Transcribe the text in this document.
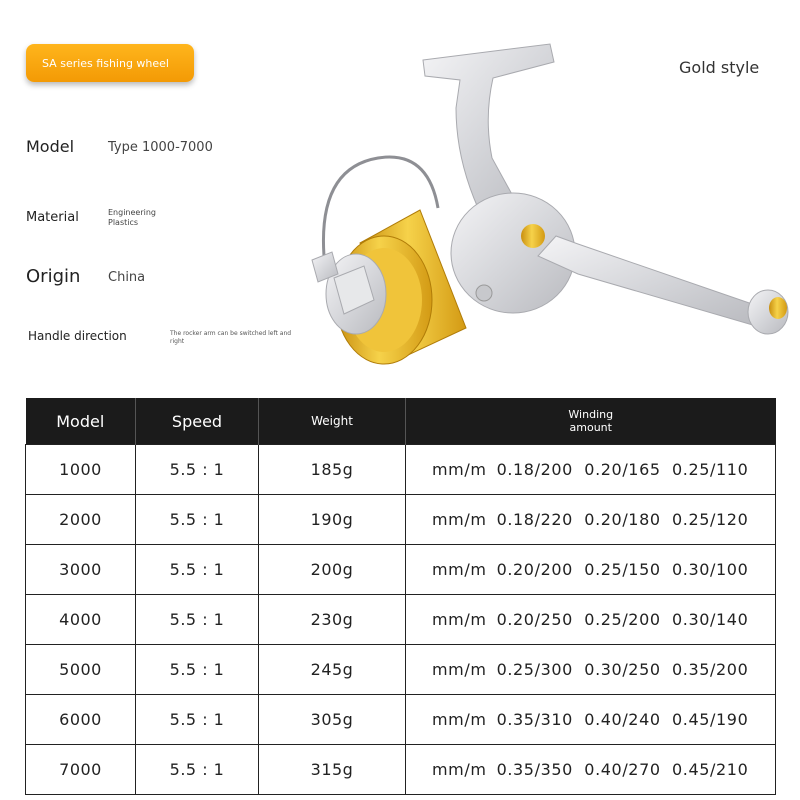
SA series fishing wheel	Gold style
Model	Type 1000-7000
Material	Engineering Plastics
Origin China
Handle direction	The rocker arm can be switched left and right
Model	Speed	Weight	Winding amount
1000	5.5 : 1	185g	mm/m 0.18/200  0.20/165  0.25/110
2000	5.5 : 1	190g	mm/m 0.18/220  0.20/180  0.25/120
3000	5.5 : 1	200g	mm/m 0.20/200  0.25/150  0.30/100
4000	5.5 : 1	230g	mm/m 0.20/250  0.25/200  0.30/140
5000	5.5 : 1	245g	mm/m 0.25/300  0.30/250  0.35/200
6000	5.5 : 1	305g	mm/m 0.35/310  0.40/240  0.45/190
7000	5.5 : 1	315g	mm/m 0.35/350  0.40/270  0.45/210
